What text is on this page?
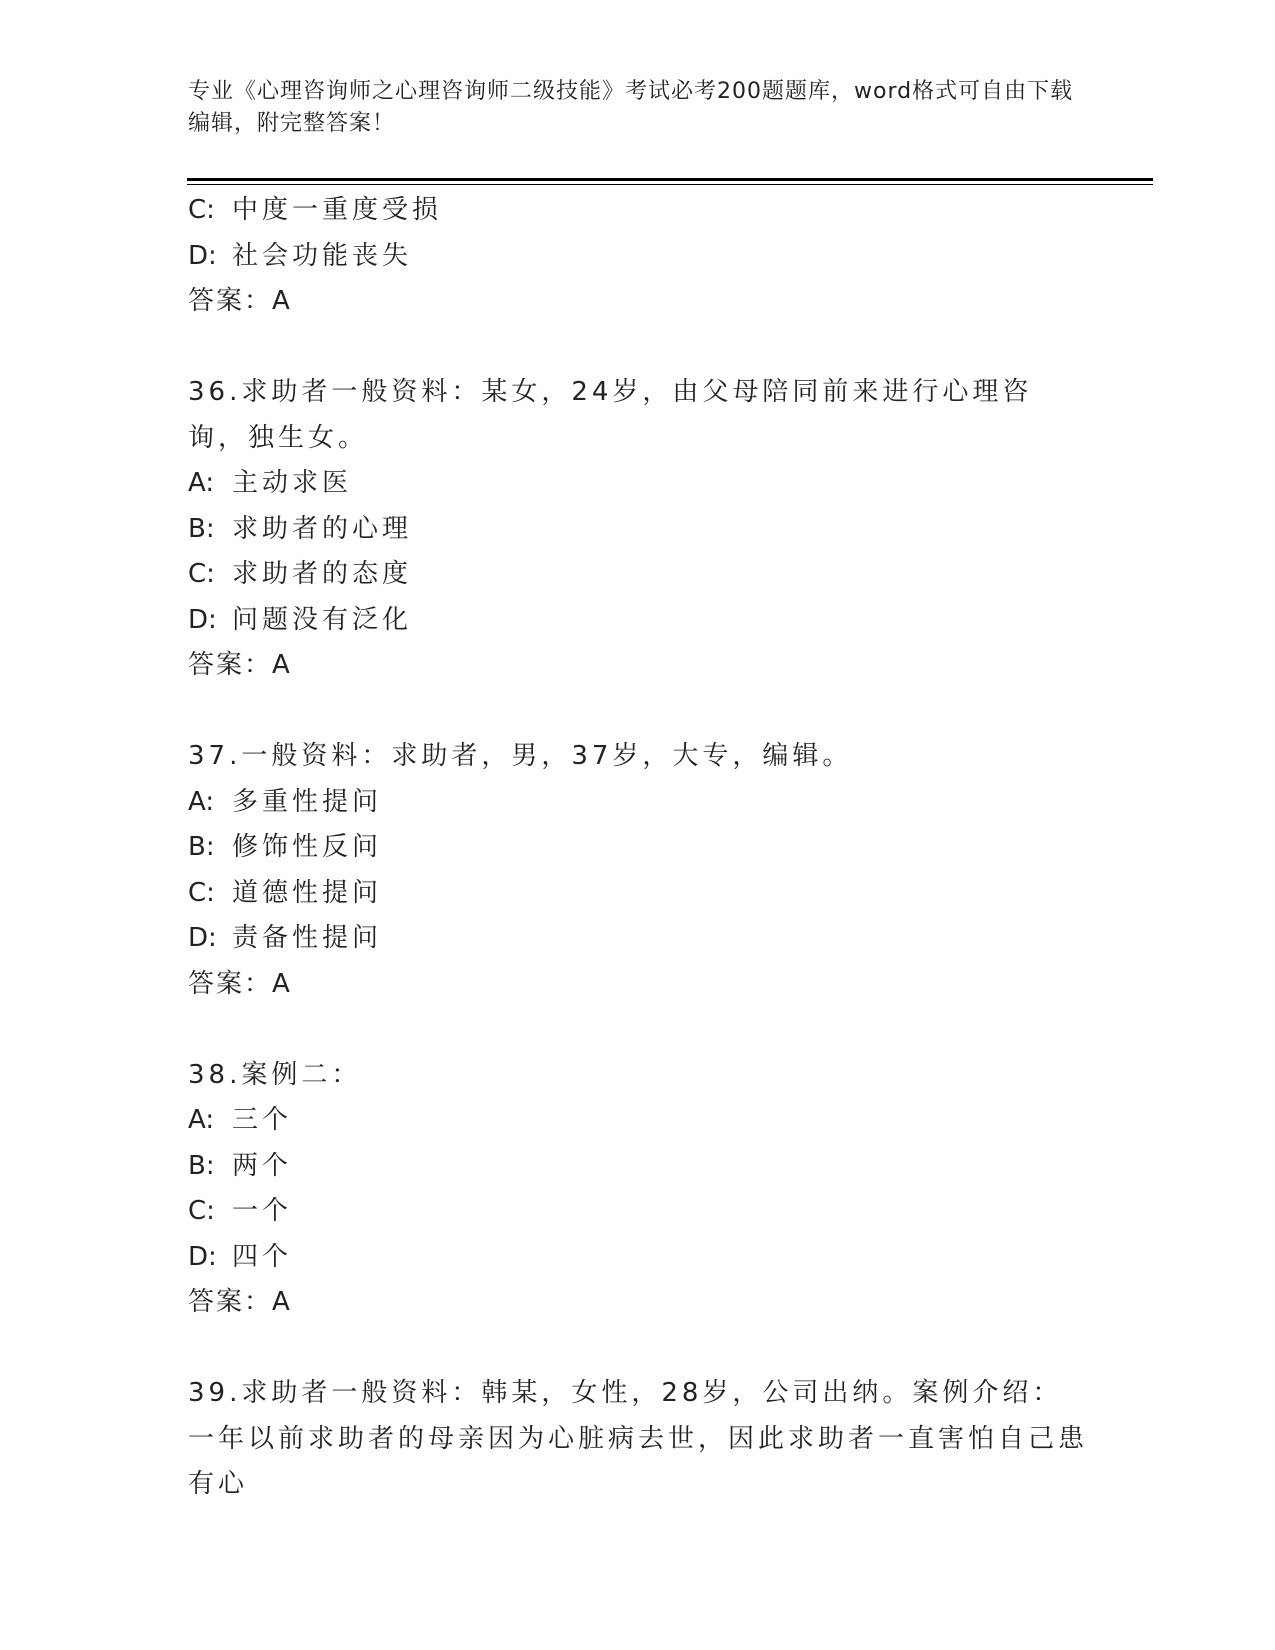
专业《心理咨询师之心理咨询师二级技能》考试必考200题题库，word格式可自由下载编辑，附完整答案！
C: 中度一重度受损
D: 社会功能丧失
答案：A
36.求助者一般资料：某女，24岁，由父母陪同前来进行心理咨询，独生女。
A: 主动求医
B: 求助者的心理
C: 求助者的态度
D: 问题没有泛化
答案：A
37.一般资料：求助者，男，37岁，大专，编辑。
A: 多重性提问
B: 修饰性反问
C: 道德性提问
D: 责备性提问
答案：A
38.案例二：
A: 三个
B: 两个
C: 一个
D: 四个
答案：A
39.求助者一般资料：韩某，女性，28岁，公司出纳。案例介绍：一年以前求助者的母亲因为心脏病去世，因此求助者一直害怕自己患有心
